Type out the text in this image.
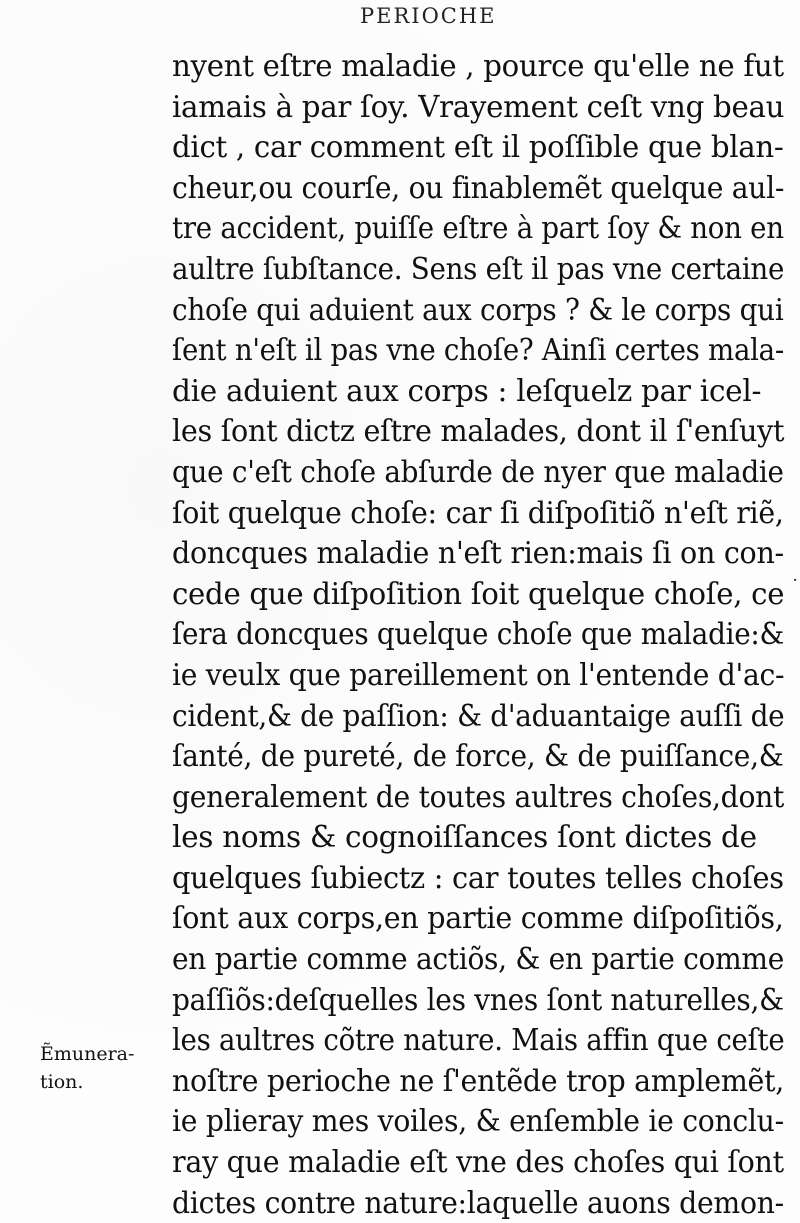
PERIOCHE
nyent eſtre maladie , pource qu'elle ne fut
iamais à par ſoy. Vrayement ceſt vng beau
dict , car comment eſt il poſſible que blan-
cheur,ou courſe, ou finablemẽt quelque aul-
tre accident, puiſſe eſtre à part ſoy & non en
aultre ſubſtance. Sens eſt il pas vne certaine
choſe qui aduient aux corps ? & le corps qui
ſent n'eſt il pas vne choſe? Ainſi certes mala-
die aduient aux corps : leſquelz par icel-
les ſont dictz eſtre malades, dont il ſ'enſuyt
que c'eſt choſe abſurde de nyer que maladie
ſoit quelque choſe: car ſi diſpoſitiõ n'eſt riẽ,
doncques maladie n'eſt rien:mais ſi on con-
cede que diſpoſition ſoit quelque choſe, ce
ſera doncques quelque choſe que maladie:&
ie veulx que pareillement on l'entende d'ac-
cident,& de paſſion: & d'aduantaige auſſi de
ſanté, de pureté, de force, & de puiſſance,&
generalement de toutes aultres choſes,dont
les noms & cognoiſſances ſont dictes de
quelques ſubiectz : car toutes telles choſes
ſont aux corps,en partie comme diſpoſitiõs,
en partie comme actiõs, & en partie comme
paſſiõs:deſquelles les vnes ſont naturelles,&
les aultres cõtre nature. Mais affin que ceſte
noſtre perioche ne ſ'entẽde trop amplemẽt,
ie plieray mes voiles, & enſemble ie conclu-
ray que maladie eſt vne des choſes qui ſont
dictes contre nature:laquelle auons demon-
Ẽmunera-
tion.
·
